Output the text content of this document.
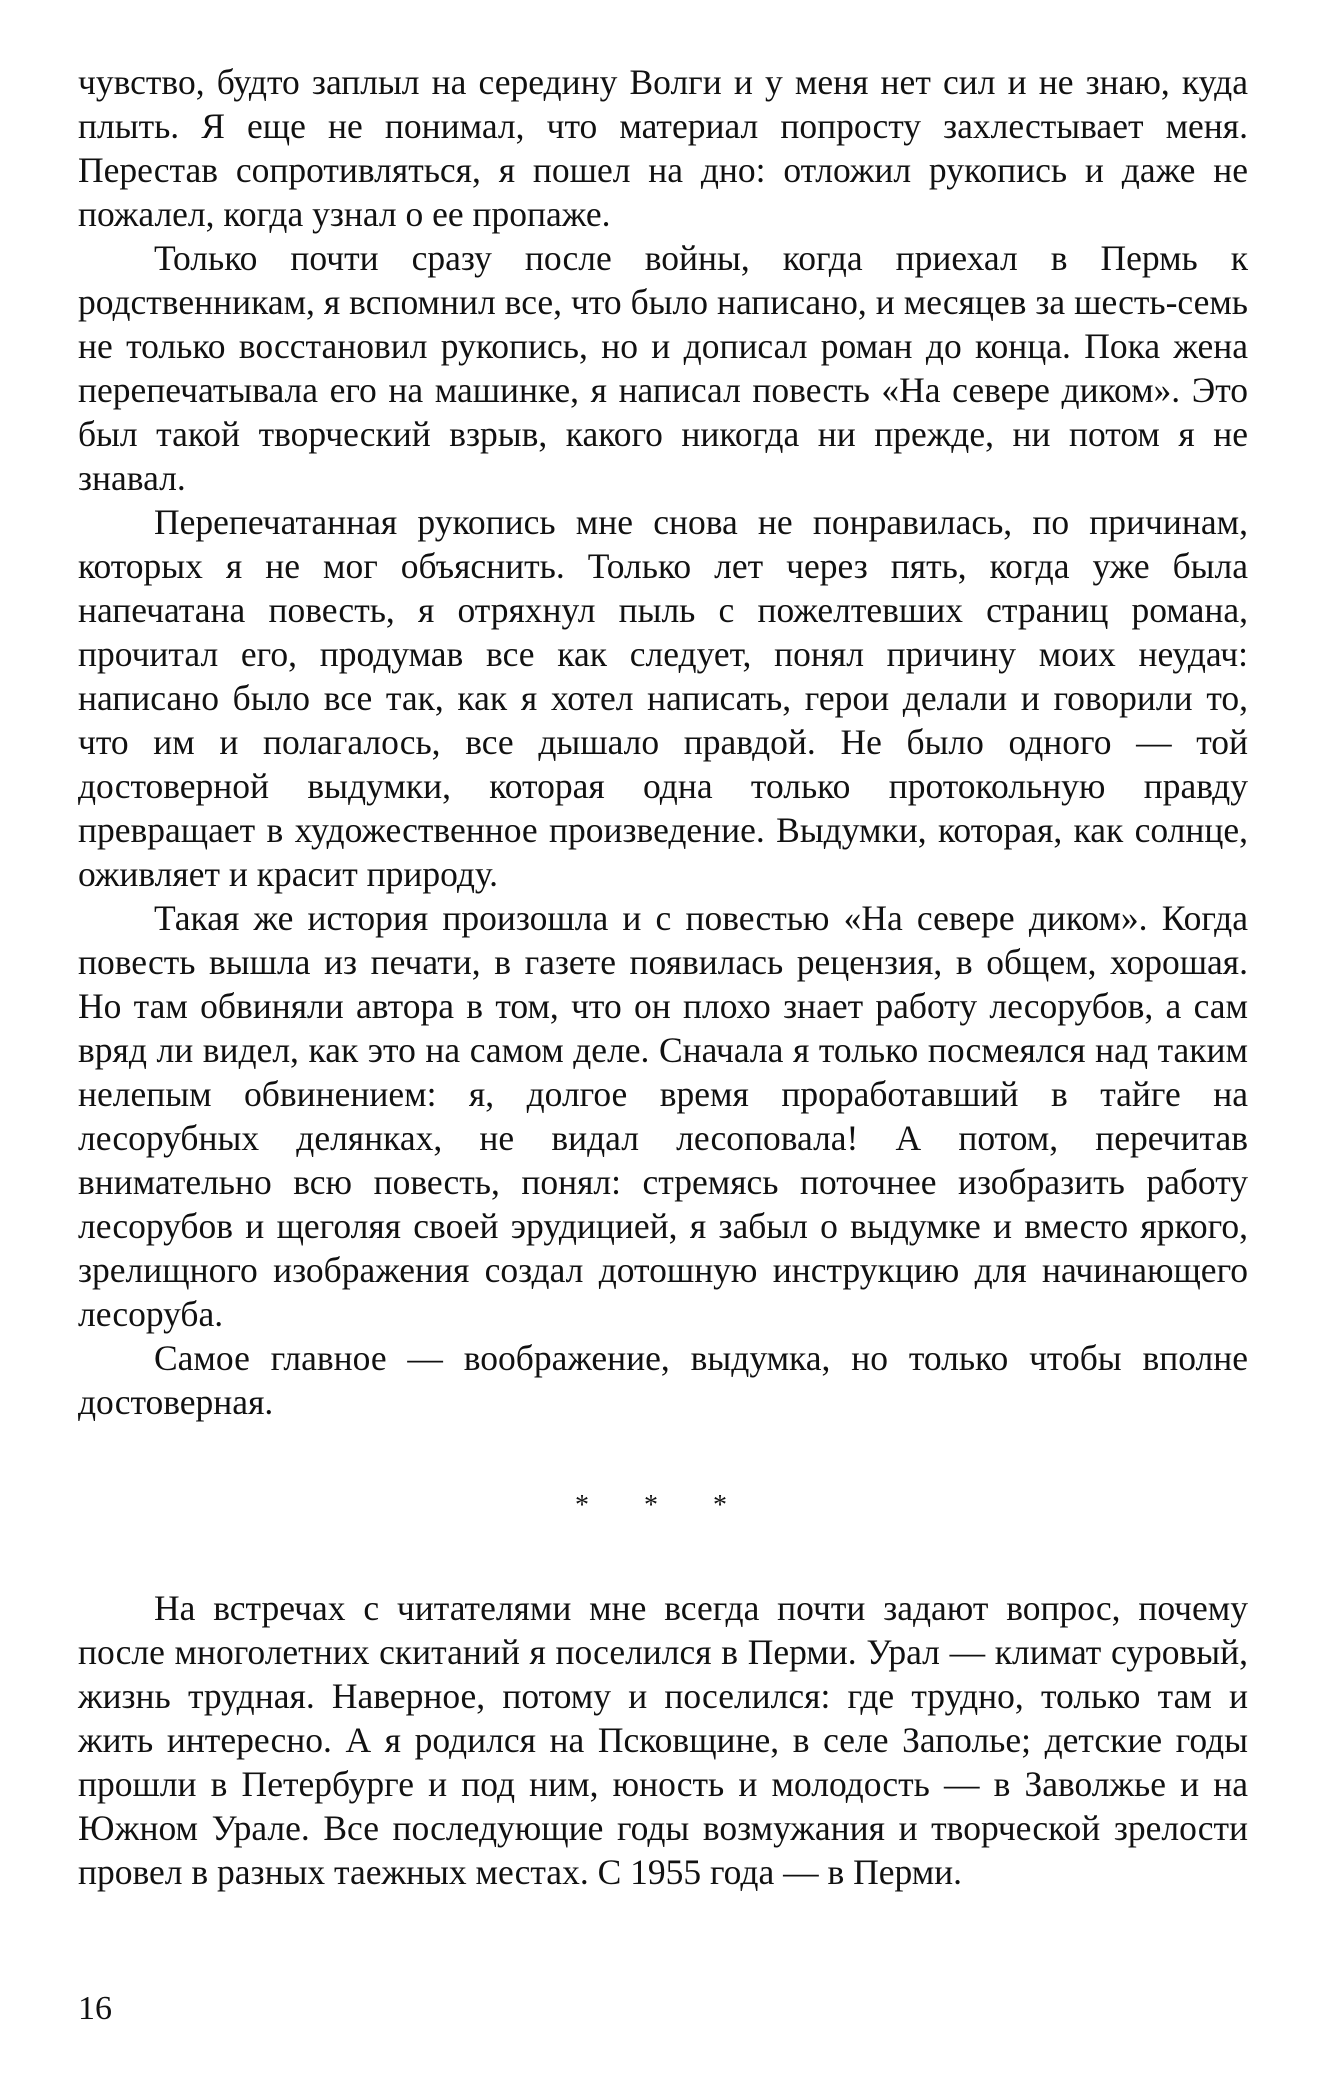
чувство, будто заплыл на середину Волги и у меня нет сил и не знаю, куда плыть. Я еще не понимал, что материал попросту захлестывает меня. Перестав сопротивляться, я пошел на дно: отложил рукопись и даже не пожалел, когда узнал о ее пропаже.

Только почти сразу после войны, когда приехал в Пермь к родственникам, я вспомнил все, что было написано, и месяцев за шесть-семь не только восстановил рукопись, но и дописал роман до конца. Пока жена перепечатывала его на машинке, я написал повесть «На севере диком». Это был такой творческий взрыв, какого никогда ни прежде, ни потом я не знавал.

Перепечатанная рукопись мне снова не понравилась, по причинам, которых я не мог объяснить. Только лет через пять, когда уже была напечатана повесть, я отряхнул пыль с пожелтевших страниц романа, прочитал его, продумав все как следует, понял причину моих неудач: написано было все так, как я хотел написать, герои делали и говорили то, что им и полагалось, все дышало правдой. Не было одного — той достоверной выдумки, которая одна только протокольную правду превращает в художественное произведение. Выдумки, которая, как солнце, оживляет и красит природу.

Такая же история произошла и с повестью «На севере диком». Когда повесть вышла из печати, в газете появилась рецензия, в общем, хорошая. Но там обвиняли автора в том, что он плохо знает работу лесорубов, а сам вряд ли видел, как это на самом деле. Сначала я только посмеялся над таким нелепым обвинением: я, долгое время проработавший в тайге на лесорубных делянках, не видал лесоповала! А потом, перечитав внимательно всю повесть, понял: стремясь поточнее изобразить работу лесорубов и щеголяя своей эрудицией, я забыл о выдумке и вместо яркого, зрелищного изображения создал дотошную инструкцию для начинающего лесоруба.

Самое главное — воображение, выдумка, но только чтобы вполне достоверная.

* * *

На встречах с читателями мне всегда почти задают вопрос, почему после многолетних скитаний я поселился в Перми. Урал — климат суровый, жизнь трудная. Наверное, потому и поселился: где трудно, только там и жить интересно. А я родился на Псковщине, в селе Заполье; детские годы прошли в Петербурге и под ним, юность и молодость — в Заволжье и на Южном Урале. Все последующие годы возмужания и творческой зрелости провел в разных таежных местах. С 1955 года — в Перми.

16
